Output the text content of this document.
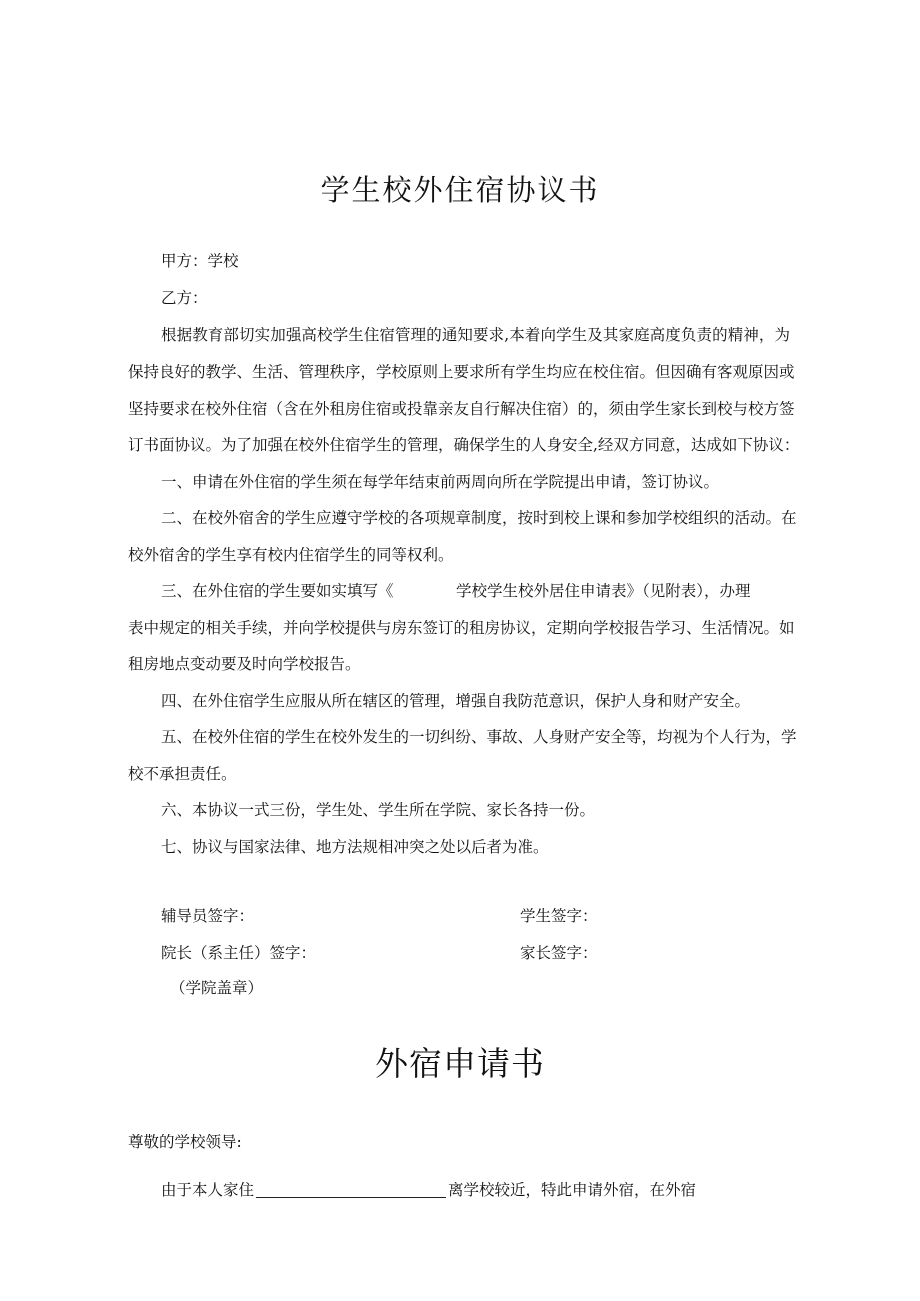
学生校外住宿协议书
甲方：学校
乙方：
根据教育部切实加强高校学生住宿管理的通知要求,本着向学生及其家庭高度负责的精神，为
保持良好的教学、生活、管理秩序，学校原则上要求所有学生均应在校住宿。但因确有客观原因或
坚持要求在校外住宿（含在外租房住宿或投靠亲友自行解决住宿）的，须由学生家长到校与校方签
订书面协议。为了加强在校外住宿学生的管理，确保学生的人身安全,经双方同意，达成如下协议：
一、申请在外住宿的学生须在每学年结束前两周向所在学院提出申请，签订协议。
二、在校外宿舍的学生应遵守学校的各项规章制度，按时到校上课和参加学校组织的活动。在
校外宿舍的学生享有校内住宿学生的同等权利。
三、在外住宿的学生要如实填写《	学校学生校外居住申请表》（见附表），办理
表中规定的相关手续，并向学校提供与房东签订的租房协议，定期向学校报告学习、生活情况。如
租房地点变动要及时向学校报告。
四、在外住宿学生应服从所在辖区的管理，增强自我防范意识，保护人身和财产安全。
五、在校外住宿的学生在校外发生的一切纠纷、事故、人身财产安全等，均视为个人行为，学
校不承担责任。
六、本协议一式三份，学生处、学生所在学院、家长各持一份。
七、协议与国家法律、地方法规相冲突之处以后者为准。
辅导员签字：	学生签字：
院长（系主任）签字：	家长签字：
（学院盖章）
外宿申请书
尊敬的学校领导:
由于本人家住	离学校较近，特此申请外宿，在外宿
